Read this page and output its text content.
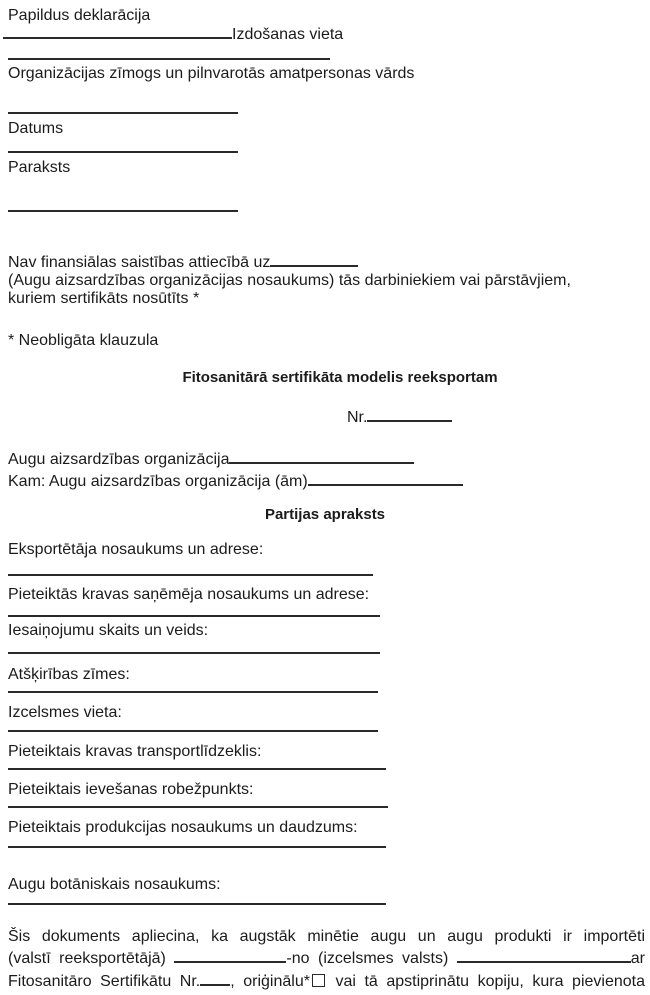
Papildus deklarācija
Izdošanas vieta
Organizācijas zīmogs un pilnvarotās amatpersonas vārds
Datums
Paraksts
Nav finansiālas saistības attiecībā uz
(Augu aizsardzības organizācijas nosaukums) tās darbiniekiem vai pārstāvjiem,
kuriem sertifikāts nosūtīts *
* Neobligāta klauzula
Fitosanitārā sertifikāta modelis reeksportam
Nr.
Augu aizsardzības organizācija
Kam: Augu aizsardzības organizācija (ām)
Partijas apraksts
Eksportētāja nosaukums un adrese:
Pieteiktās kravas saņēmēja nosaukums un adrese:
Iesaiņojumu skaits un veids:
Atšķirības zīmes:
Izcelsmes vieta:
Pieteiktais kravas transportlīdzeklis:
Pieteiktais ievešanas robežpunkts:
Pieteiktais produkcijas nosaukums un daudzums:
Augu botāniskais nosaukums:
Šis dokuments apliecina, ka augstāk minētie augu un augu produkti ir importēti
(valstī reeksportētājā)	-no (izcelsmes valsts)	ar
Fitosanitāro Sertifikātu Nr. , oriģinālu* vai tā apstiprinātu kopiju, kura pievienota
